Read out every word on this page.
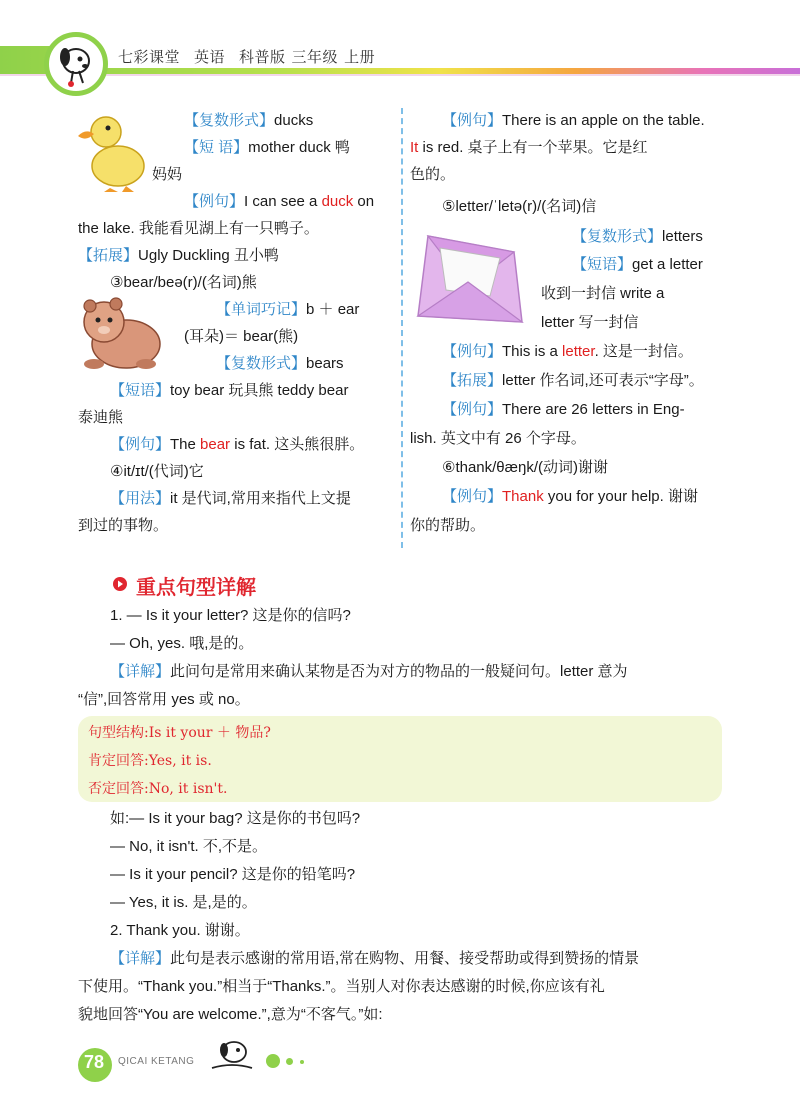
七彩课堂 英语 科普版 三年级 上册
【复数形式】ducks
【短 语】mother duck 鸭
妈妈
【例句】I can see a duck on
the lake. 我能看见湖上有一只鸭子。
【拓展】Ugly Duckling 丑小鸭
③bear/beə(r)/(名词)熊
【单词巧记】b ＋ ear
(耳朵)＝ bear(熊)
【复数形式】bears
【短语】toy bear 玩具熊 teddy bear
泰迪熊
【例句】The bear is fat. 这头熊很胖。
④it/ɪt/(代词)它
【用法】it 是代词,常用来指代上文提
到过的事物。
【例句】There is an apple on the table.
It is red. 桌子上有一个苹果。它是红
色的。
⑤letter/ˈletə(r)/(名词)信
【复数形式】letters
【短语】get a letter
收到一封信 write a
letter 写一封信
【例句】This is a letter. 这是一封信。
【拓展】letter 作名词,还可表示“字母”。
【例句】There are 26 letters in Eng-
lish. 英文中有 26 个字母。
⑥thank/θæŋk/(动词)谢谢
【例句】Thank you for your help. 谢谢
你的帮助。
重点句型详解
1. — Is it your letter? 这是你的信吗?
— Oh, yes. 哦,是的。
【详解】此问句是常用来确认某物是否为对方的物品的一般疑问句。letter 意为
“信”,回答常用 yes 或 no。
句型结构:Is it your ＋ 物品?
肯定回答:Yes, it is.
否定回答:No, it isn't.
如:— Is it your bag? 这是你的书包吗?
— No, it isn't. 不,不是。
— Is it your pencil? 这是你的铅笔吗?
— Yes, it is. 是,是的。
2. Thank you. 谢谢。
【详解】此句是表示感谢的常用语,常在购物、用餐、接受帮助或得到赞扬的情景
下使用。“Thank you.”相当于“Thanks.”。当别人对你表达感谢的时候,你应该有礼
貌地回答“You are welcome.”,意为“不客气。”如:
78 QICAI KETANG
